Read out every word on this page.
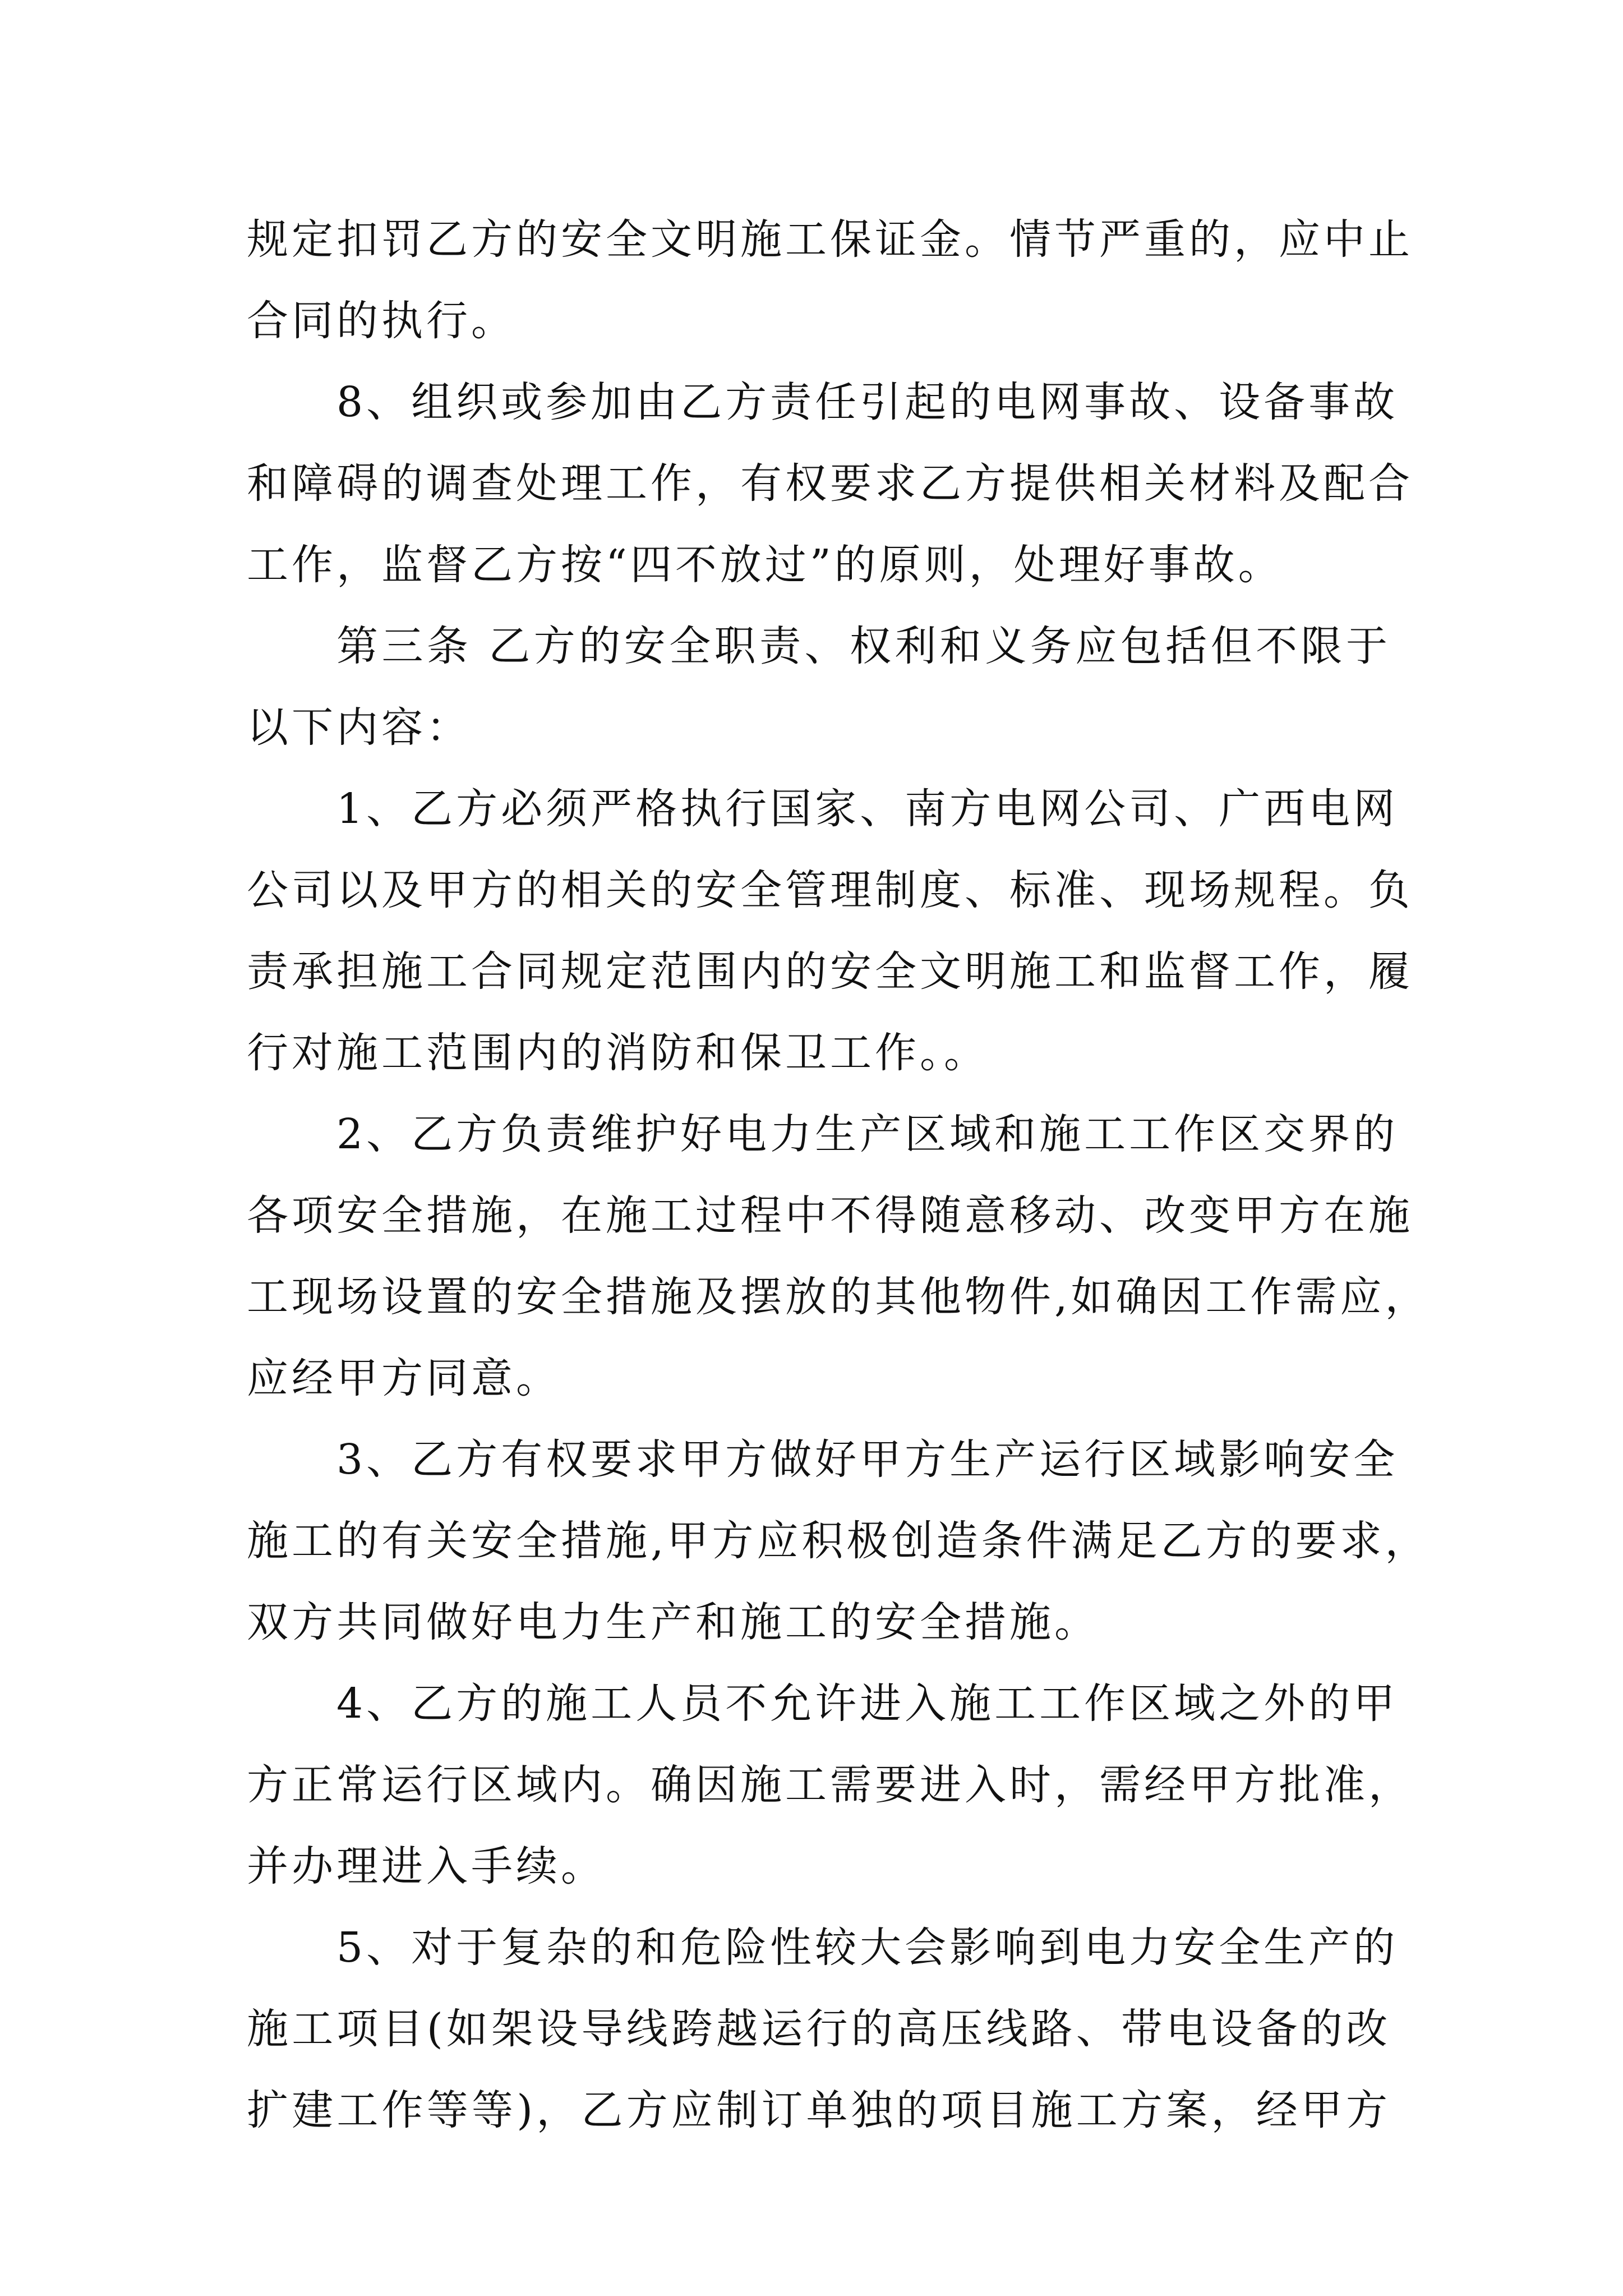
规定扣罚乙方的安全文明施工保证金。情节严重的，应中止
合同的执行。
8、组织或参加由乙方责任引起的电网事故、设备事故
和障碍的调查处理工作，有权要求乙方提供相关材料及配合
工作，监督乙方按“四不放过”的原则，处理好事故。
第三条 乙方的安全职责、权利和义务应包括但不限于
以下内容：
1、乙方必须严格执行国家、南方电网公司、广西电网
公司以及甲方的相关的安全管理制度、标准、现场规程。负
责承担施工合同规定范围内的安全文明施工和监督工作，履
行对施工范围内的消防和保卫工作。。
2、乙方负责维护好电力生产区域和施工工作区交界的
各项安全措施，在施工过程中不得随意移动、改变甲方在施
工现场设置的安全措施及摆放的其他物件,如确因工作需应，
应经甲方同意。
3、乙方有权要求甲方做好甲方生产运行区域影响安全
施工的有关安全措施,甲方应积极创造条件满足乙方的要求，
双方共同做好电力生产和施工的安全措施。
4、乙方的施工人员不允许进入施工工作区域之外的甲
方正常运行区域内。确因施工需要进入时，需经甲方批准，
并办理进入手续。
5、对于复杂的和危险性较大会影响到电力安全生产的
施工项目(如架设导线跨越运行的高压线路、带电设备的改
扩建工作等等)，乙方应制订单独的项目施工方案，经甲方
